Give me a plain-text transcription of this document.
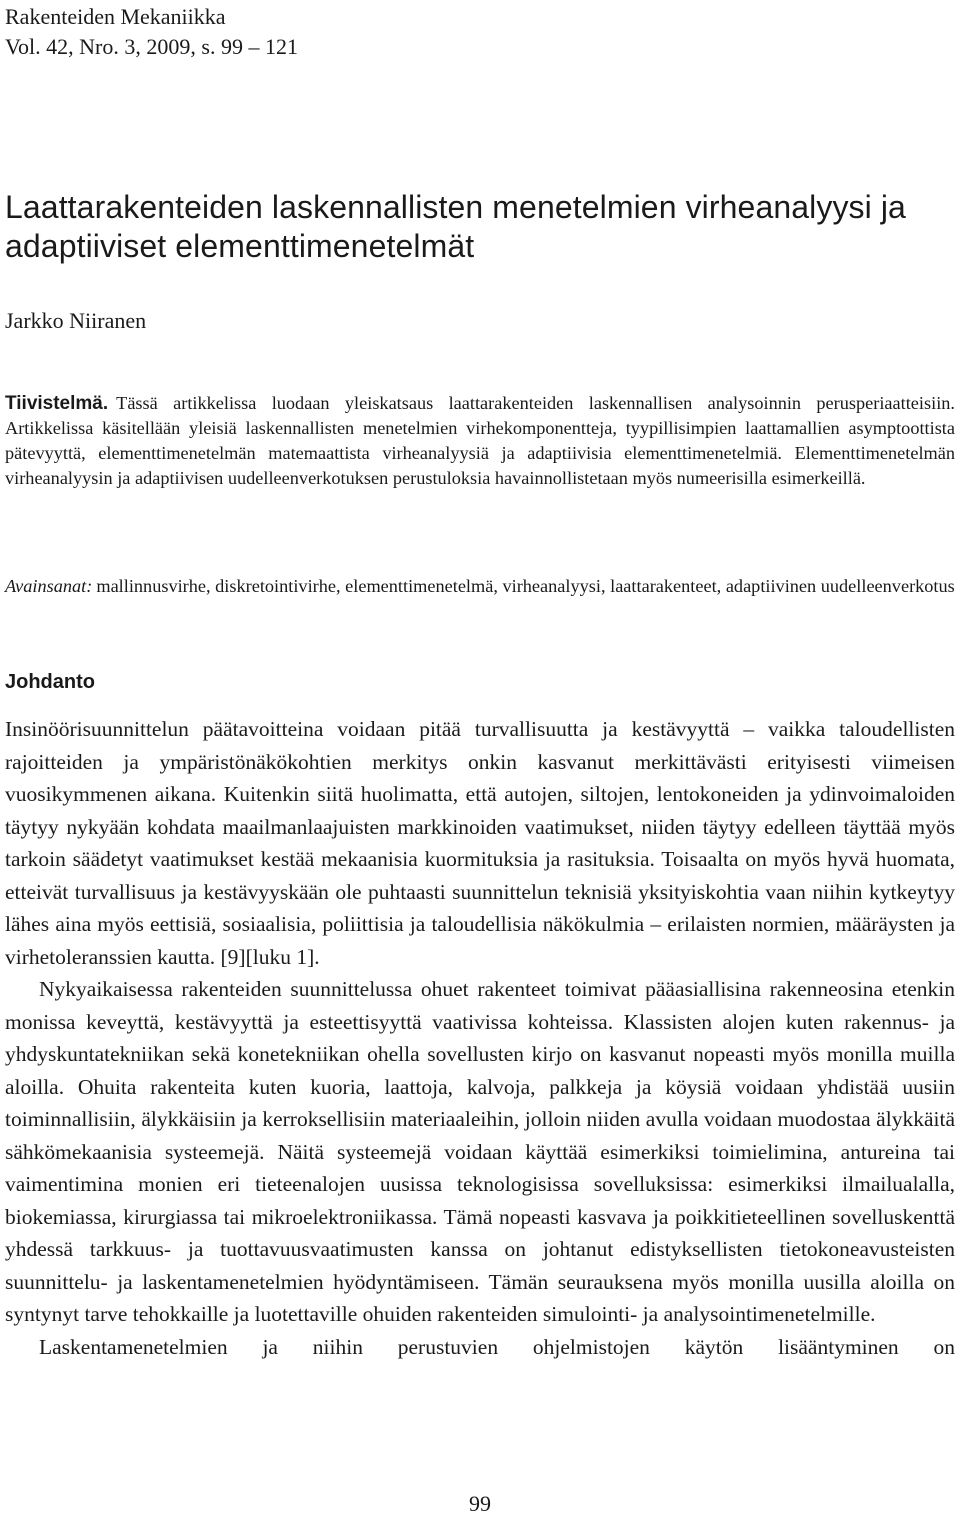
Rakenteiden Mekaniikka
Vol. 42, Nro. 3, 2009, s. 99 – 121
Laattarakenteiden laskennallisten menetelmien virheanalyysi ja adaptiiviset elementtimenetelmät
Jarkko Niiranen

Tiivistelmä. Tässä artikkelissa luodaan yleiskatsaus laattarakenteiden laskennallisen analysoinnin perusperiaatteisiin. Artikkelissa käsitellään yleisiä laskennallisten menetelmien virhekomponentteja, tyypillisimpien laattamallien asymptoottista pätevyyttä, elementtimenetelmän matemaattista virheanalyysiä ja adaptiivisia elementtimenetelmiä. Elementtimenetelmän virheanalyysin ja adaptiivisen uudelleenverkotuksen perustuloksia havainnollistetaan myös numeerisilla esimerkeillä.

Avainsanat: mallinnusvirhe, diskretointivirhe, elementtimenetelmä, virheanalyysi, laattarakenteet, adaptiivinen uudelleenverkotus

Johdanto

Insinöörisuunnittelun päätavoitteina voidaan pitää turvallisuutta ja kestävyyttä – vaikka taloudellisten rajoitteiden ja ympäristönäkökohtien merkitys onkin kasvanut merkittävästi erityisesti viimeisen vuosikymmenen aikana. Kuitenkin siitä huolimatta, että autojen, siltojen, lentokoneiden ja ydinvoimaloiden täytyy nykyään kohdata maailmanlaajuisten markkinoiden vaatimukset, niiden täytyy edelleen täyttää myös tarkoin säädetyt vaatimukset kestää mekaanisia kuormituksia ja rasituksia. Toisaalta on myös hyvä huomata, etteivät turvallisuus ja kestävyyskään ole puhtaasti suunnittelun teknisiä yksityiskohtia vaan niihin kytkeytyy lähes aina myös eettisiä, sosiaalisia, poliittisia ja taloudellisia näkökulmia – erilaisten normien, määräysten ja virhetoleranssien kautta. [9][luku 1].

Nykyaikaisessa rakenteiden suunnittelussa ohuet rakenteet toimivat pääasiallisina rakenneosina etenkin monissa keveyttä, kestävyyttä ja esteettisyyttä vaativissa kohteissa. Klassisten alojen kuten rakennus- ja yhdyskuntatekniikan sekä konetekniikan ohella sovellusten kirjo on kasvanut nopeasti myös monilla muilla aloilla. Ohuita rakenteita kuten kuoria, laattoja, kalvoja, palkkeja ja köysiä voidaan yhdistää uusiin toiminnallisiin, älykkäisiin ja kerroksellisiin materiaaleihin, jolloin niiden avulla voidaan muodostaa älykkäitä sähkömekaanisia systeemejä. Näitä systeemejä voidaan käyttää esimerkiksi toimielimina, antureina tai vaimentimina monien eri tieteenalojen uusissa teknologisissa sovelluksissa: esimerkiksi ilmailualalla, biokemiassa, kirurgiassa tai mikroelektroniikassa. Tämä nopeasti kasvava ja poikkitieteellinen sovelluskenttä yhdessä tarkkuus- ja tuottavuusvaatimusten kanssa on johtanut edistyksellisten tietokoneavusteisten suunnittelu- ja laskentamenetelmien hyödyntämiseen. Tämän seurauksena myös monilla uusilla aloilla on syntynyt tarve tehokkaille ja luotettaville ohuiden rakenteiden simulointi- ja analysointimenetelmille.

Laskentamenetelmien ja niihin perustuvien ohjelmistojen käytön lisääntyminen on

99
